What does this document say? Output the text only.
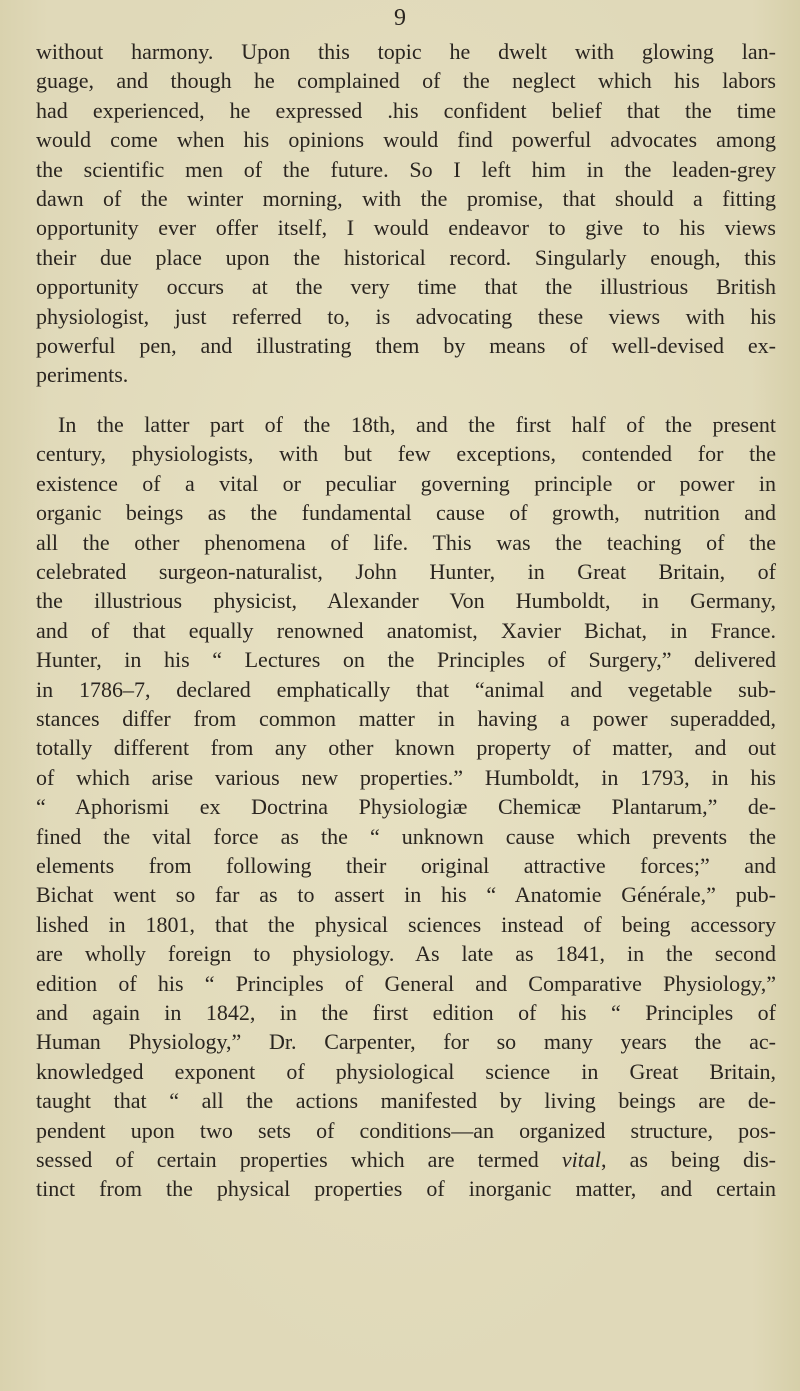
9

without harmony. Upon this topic he dwelt with glowing lan-
guage, and though he complained of the neglect which his labors
had experienced, he expressed .his confident belief that the time
would come when his opinions would find powerful advocates among
the scientific men of the future. So I left him in the leaden-grey
dawn of the winter morning, with the promise, that should a fitting
opportunity ever offer itself, I would endeavor to give to his views
their due place upon the historical record. Singularly enough, this
opportunity occurs at the very time that the illustrious British
physiologist, just referred to, is advocating these views with his
powerful pen, and illustrating them by means of well-devised ex-
periments.

In the latter part of the 18th, and the first half of the present
century, physiologists, with but few exceptions, contended for the
existence of a vital or peculiar governing principle or power in
organic beings as the fundamental cause of growth, nutrition and
all the other phenomena of life. This was the teaching of the
celebrated surgeon-naturalist, John Hunter, in Great Britain, of
the illustrious physicist, Alexander Von Humboldt, in Germany,
and of that equally renowned anatomist, Xavier Bichat, in France.
Hunter, in his “ Lectures on the Principles of Surgery,” delivered
in 1786–7, declared emphatically that “animal and vegetable sub-
stances differ from common matter in having a power superadded,
totally different from any other known property of matter, and out
of which arise various new properties.” Humboldt, in 1793, in his
“ Aphorismi ex Doctrina Physiologiæ Chemicæ Plantarum,” de-
fined the vital force as the “ unknown cause which prevents the
elements from following their original attractive forces;” and
Bichat went so far as to assert in his “ Anatomie Générale,” pub-
lished in 1801, that the physical sciences instead of being accessory
are wholly foreign to physiology. As late as 1841, in the second
edition of his “ Principles of General and Comparative Physiology,”
and again in 1842, in the first edition of his “ Principles of
Human Physiology,” Dr. Carpenter, for so many years the ac-
knowledged exponent of physiological science in Great Britain,
taught that “ all the actions manifested by living beings are de-
pendent upon two sets of conditions—an organized structure, pos-
sessed of certain properties which are termed vital, as being dis-
tinct from the physical properties of inorganic matter, and certain
